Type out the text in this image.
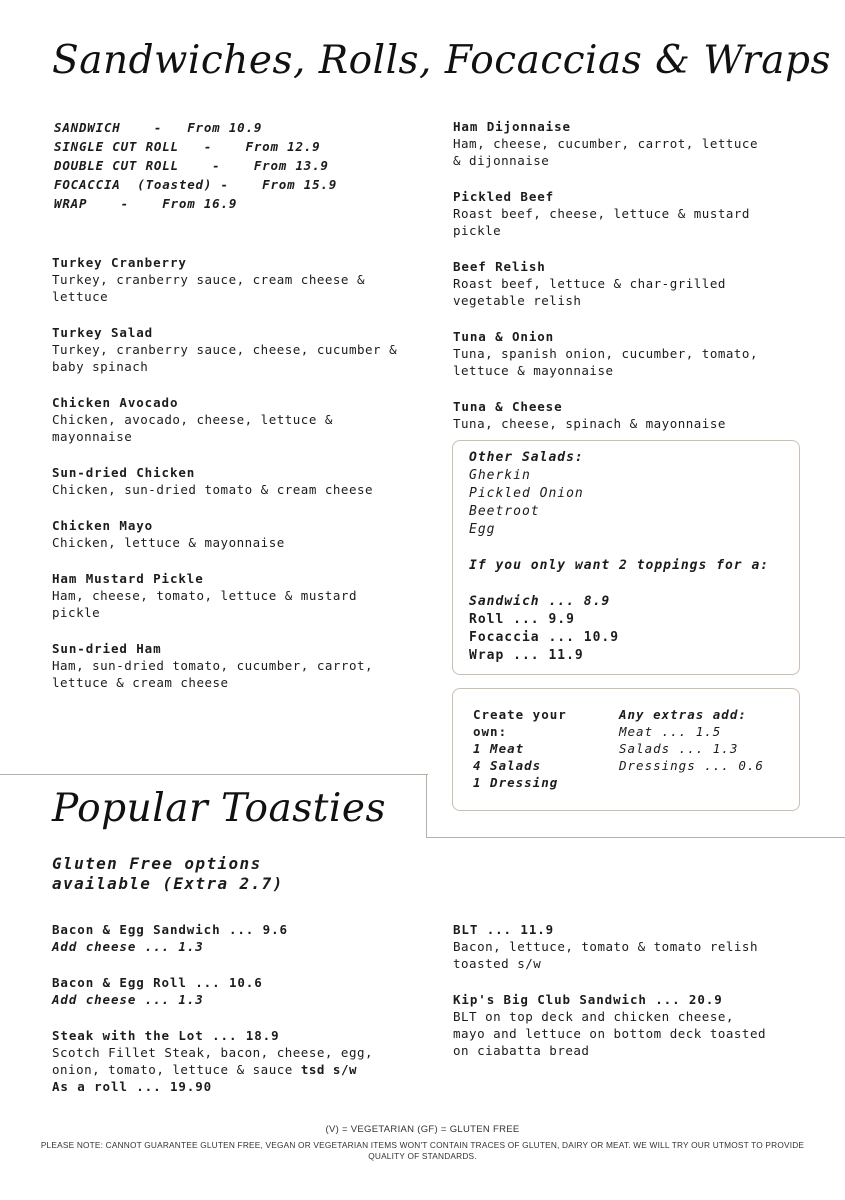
Sandwiches, Rolls, Focaccias & Wraps
SANDWICH    -   From 10.9
SINGLE CUT ROLL   -    From 12.9
DOUBLE CUT ROLL    -    From 13.9
FOCACCIA  (Toasted) -    From 15.9
WRAP    -    From 16.9
Turkey Cranberry
Turkey, cranberry sauce, cream cheese &
lettuce
Turkey Salad
Turkey, cranberry sauce, cheese, cucumber &
baby spinach
Chicken Avocado
Chicken, avocado, cheese, lettuce &
mayonnaise
Sun-dried Chicken
Chicken, sun-dried tomato & cream cheese
Chicken Mayo
Chicken, lettuce & mayonnaise
Ham Mustard Pickle
Ham, cheese, tomato, lettuce & mustard
pickle
Sun-dried Ham
Ham, sun-dried tomato, cucumber, carrot,
lettuce & cream cheese
Ham Dijonnaise
Ham, cheese, cucumber, carrot, lettuce
& dijonnaise
Pickled Beef
Roast beef, cheese, lettuce & mustard
pickle
Beef Relish
Roast beef, lettuce & char-grilled
vegetable relish
Tuna & Onion
Tuna, spanish onion, cucumber, tomato,
lettuce & mayonnaise
Tuna & Cheese
Tuna, cheese, spinach & mayonnaise
Other Salads:
Gherkin
Pickled Onion
Beetroot
Egg
If you only want 2 toppings for a:
Sandwich ... 8.9
Roll ... 9.9
Focaccia ... 10.9
Wrap ... 11.9
Create your
own:
1 Meat
4 Salads
1 Dressing
Any extras add:
Meat ... 1.5
Salads ... 1.3
Dressings ... 0.6
Popular Toasties
Gluten Free options
available (Extra 2.7)
Bacon & Egg Sandwich ... 9.6
Add cheese ... 1.3
Bacon & Egg Roll ... 10.6
Add cheese ... 1.3
Steak with the Lot ... 18.9
Scotch Fillet Steak, bacon, cheese, egg,
onion, tomato, lettuce & sauce tsd s/w
As a roll ... 19.90
BLT ... 11.9
Bacon, lettuce, tomato & tomato relish
toasted s/w
Kip's Big Club Sandwich ... 20.9
BLT on top deck and chicken cheese,
mayo and lettuce on bottom deck toasted
on ciabatta bread
(V) = VEGETARIAN (GF) = GLUTEN FREE
PLEASE NOTE: CANNOT GUARANTEE GLUTEN FREE, VEGAN OR VEGETARIAN ITEMS WON'T CONTAIN TRACES OF GLUTEN, DAIRY OR MEAT. WE WILL TRY OUR UTMOST TO PROVIDE QUALITY OF STANDARDS.
